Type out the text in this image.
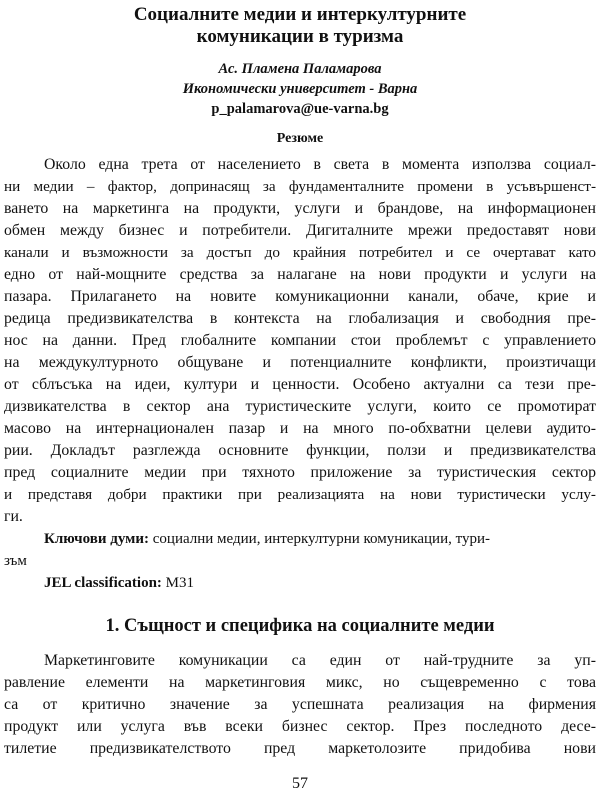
Социалните медии и интеркултурните
комуникации в туризма
Ас. Пламена Паламарова
Икономически университет - Варна
p_palamarova@ue-varna.bg
Резюме
Около една трета от населението в света в момента използва социал-
ни медии – фактор, допринасящ за фундаменталните промени в усъвършенст-
ването на маркетинга на продукти, услуги и брандове, на информационен
обмен между бизнес и потребители. Дигиталните мрежи предоставят нови
канали и възможности за достъп до крайния потребител и се очертават като
едно от най-мощните средства за налагане на нови продукти и услуги на
пазара. Прилагането на новите комуникационни канали, обаче, крие и
редица предизвикателства в контекста на глобализация и свободния пре-
нос на данни. Пред глобалните компании стои проблемът с управлението
на междукултурното общуване и потенциалните конфликти, произтичащи
от сблъсъка на идеи, култури и ценности. Особено актуални са тези пре-
дизвикателства в сектор ана туристическите услуги, които се промотират
масово на интернационален пазар и на много по-обхватни целеви аудито-
рии. Докладът разглежда основните функции, ползи и предизвикателства
пред социалните медии при тяхното приложение за туристическия сектор
и представя добри практики при реализацията на нови туристически услу-
ги.
Ключови думи: социални медии, интеркултурни комуникации, тури-
зъм
JEL classification: M31
1. Същност и специфика на социалните медии
Маркетинговите комуникации са един от най-трудните за уп-
равление елементи на маркетинговия микс, но същевременно с това
са от критично значение за успешната реализация на фирмения
продукт или услуга във всеки бизнес сектор. През последното десе-
тилетие предизвикателството пред маркетолозите придобива нови
57
